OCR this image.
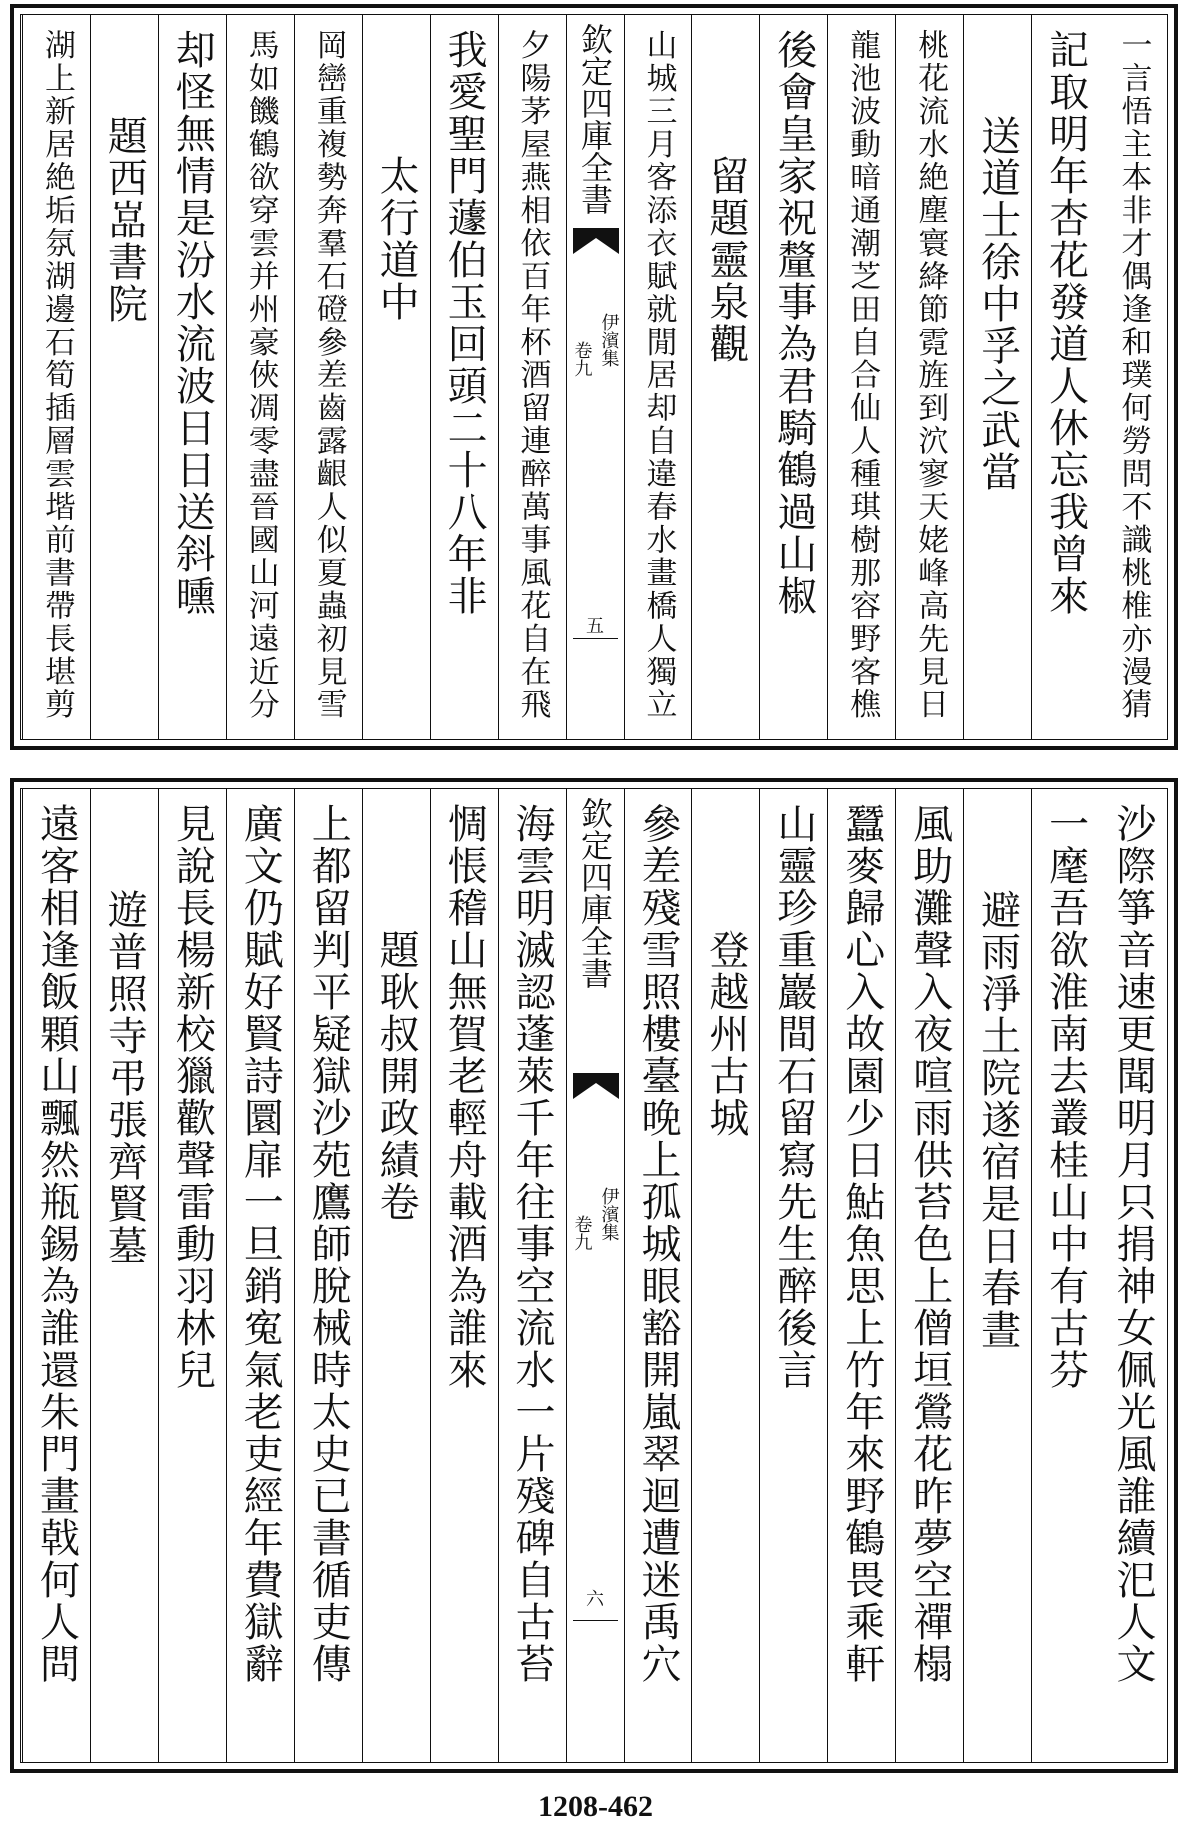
一言悟主本非才偶逢和璞何勞問不識桃椎亦漫猜
記取明年杏花發道人休忘我曾來
送道士徐中孚之武當
桃花流水絶塵寰絳節霓旌到泬寥天姥峰高先見日
龍池波動暗通潮芝田自合仙人種琪樹那容野客樵
後會皇家祝釐事為君騎鶴過山椒
留題靈泉觀
山城三月客添衣賦就閒居却自違春水畫橋人獨立
夕陽茅屋燕相依百年杯酒留連醉萬事風花自在飛
我愛聖門蘧伯玉回頭二十八年非
太行道中
岡巒重複勢奔羣石磴參差齒露齦人似夏蟲初見雪
馬如饑鶴欲穿雲并州豪俠凋零盡晉國山河遠近分
却怪無情是汾水流波日日送斜曛
題西嵓書院
湖上新居絶垢氛湖邊石筍插層雲堦前書帶長堪剪	欽定四庫全書
伊濱集
卷九
五
沙際箏音速更聞明月只捐神女佩光風誰續汜人文
一麾吾欲淮南去叢桂山中有古芬
避雨淨土院遂宿是日春晝
風助灘聲入夜喧雨供苔色上僧垣鶯花昨夢空禪榻
蠶麥歸心入故園少日鮎魚思上竹年來野鶴畏乘軒
山靈珍重巖間石留寫先生醉後言
登越州古城
參差殘雪照樓臺晚上孤城眼豁開嵐翠迴遭迷禹穴
海雲明滅認蓬萊千年往事空流水一片殘碑自古苔
惆悵稽山無賀老輕舟載酒為誰來
題耿叔開政績卷
上都留判平疑獄沙苑鷹師脫械時太史已書循吏傳
廣文仍賦好賢詩圜扉一旦銷寃氣老吏經年費獄辭
見說長楊新校獵歡聲雷動羽林兒
遊普照寺弔張齊賢墓
遠客相逢飯顆山飄然瓶錫為誰還朱門畫戟何人問	欽定四庫全書
伊濱集
卷九
六
1208-462
